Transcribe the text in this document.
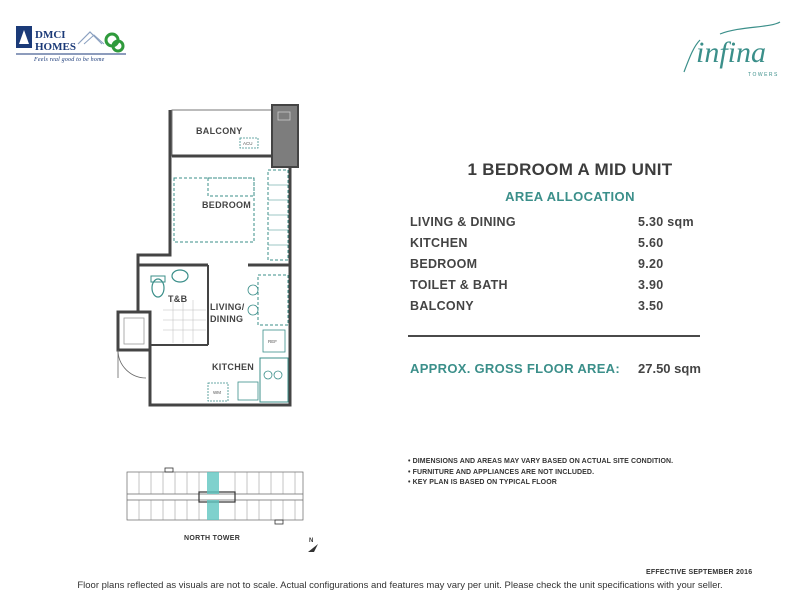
DMCI
HOMES
Feels real good to be home	infina
TOWERS
BALCONY
BEDROOM
T&B
LIVING/
DINING
KITCHEN
ACU
REF
WM
1 BEDROOM A MID UNIT
AREA ALLOCATION
LIVING & DINING	5.30 sqm
KITCHEN	5.60
BEDROOM	9.20
TOILET & BATH	3.90
BALCONY	3.50
APPROX. GROSS FLOOR AREA: 27.50 sqm
• DIMENSIONS AND AREAS MAY VARY BASED ON ACTUAL SITE CONDITION.
• FURNITURE AND APPLIANCES ARE NOT INCLUDED.
• KEY PLAN IS BASED ON TYPICAL FLOOR
NORTH TOWER	N
EFFECTIVE SEPTEMBER 2016
Floor plans reflected as visuals are not to scale. Actual configurations and features may vary per unit. Please check the unit specifications with your seller.
